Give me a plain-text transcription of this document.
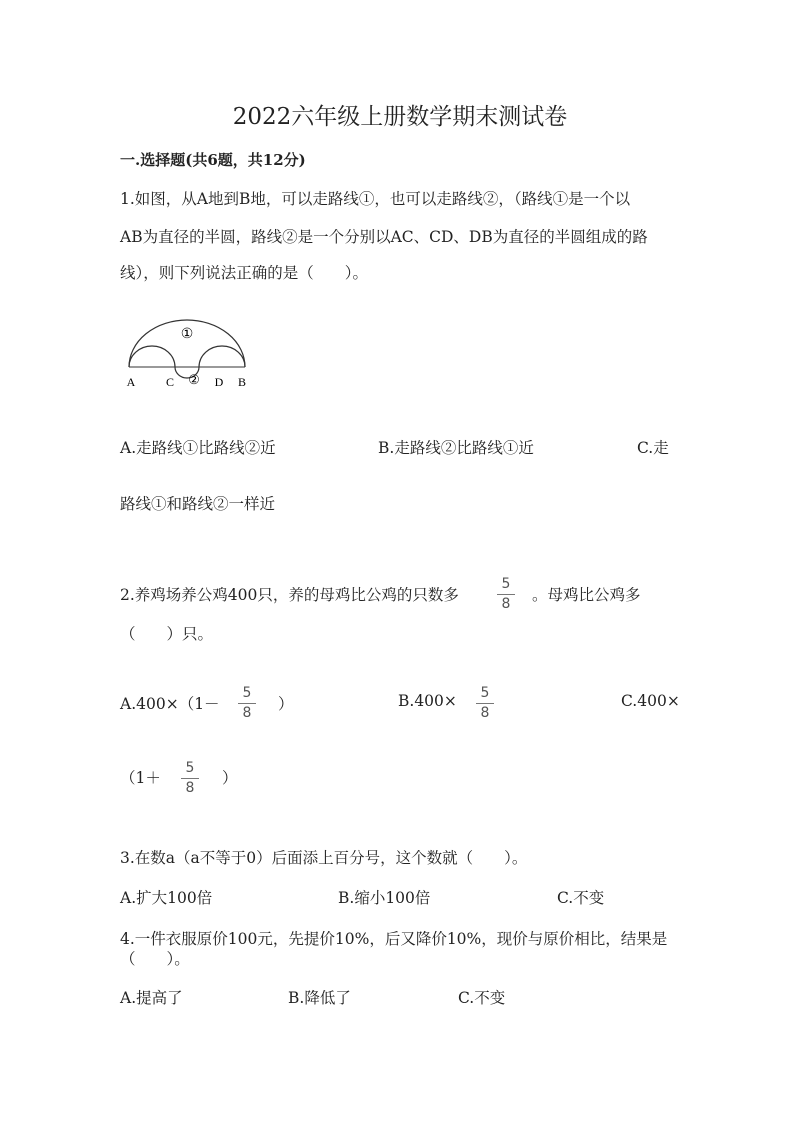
2022六年级上册数学期末测试卷
一.选择题(共6题，共12分)
1.如图，从A地到B地，可以走路线①，也可以走路线②，（路线①是一个以
AB为直径的半圆，路线②是一个分别以AC、CD、DB为直径的半圆组成的路
线），则下列说法正确的是（　　）。
①
②
A	C	D B
A.走路线①比路线②近	B.走路线②比路线①近	C.走
路线①和路线②一样近
2.养鸡场养公鸡400只，养的母鸡比公鸡的只数多
5
8	。母鸡比公鸡多
（　　）只。
A.400×（1－
5
8	）	B.400×	5
8
C.400×
（1＋
5
8
）
3.在数a（a不等于0）后面添上百分号，这个数就（　　）。
A.扩大100倍	B.缩小100倍	C.不变
4.一件衣服原价100元，先提价10%，后又降价10%，现价与原价相比，结果是
（　　）。
A.提高了	B.降低了	C.不变
